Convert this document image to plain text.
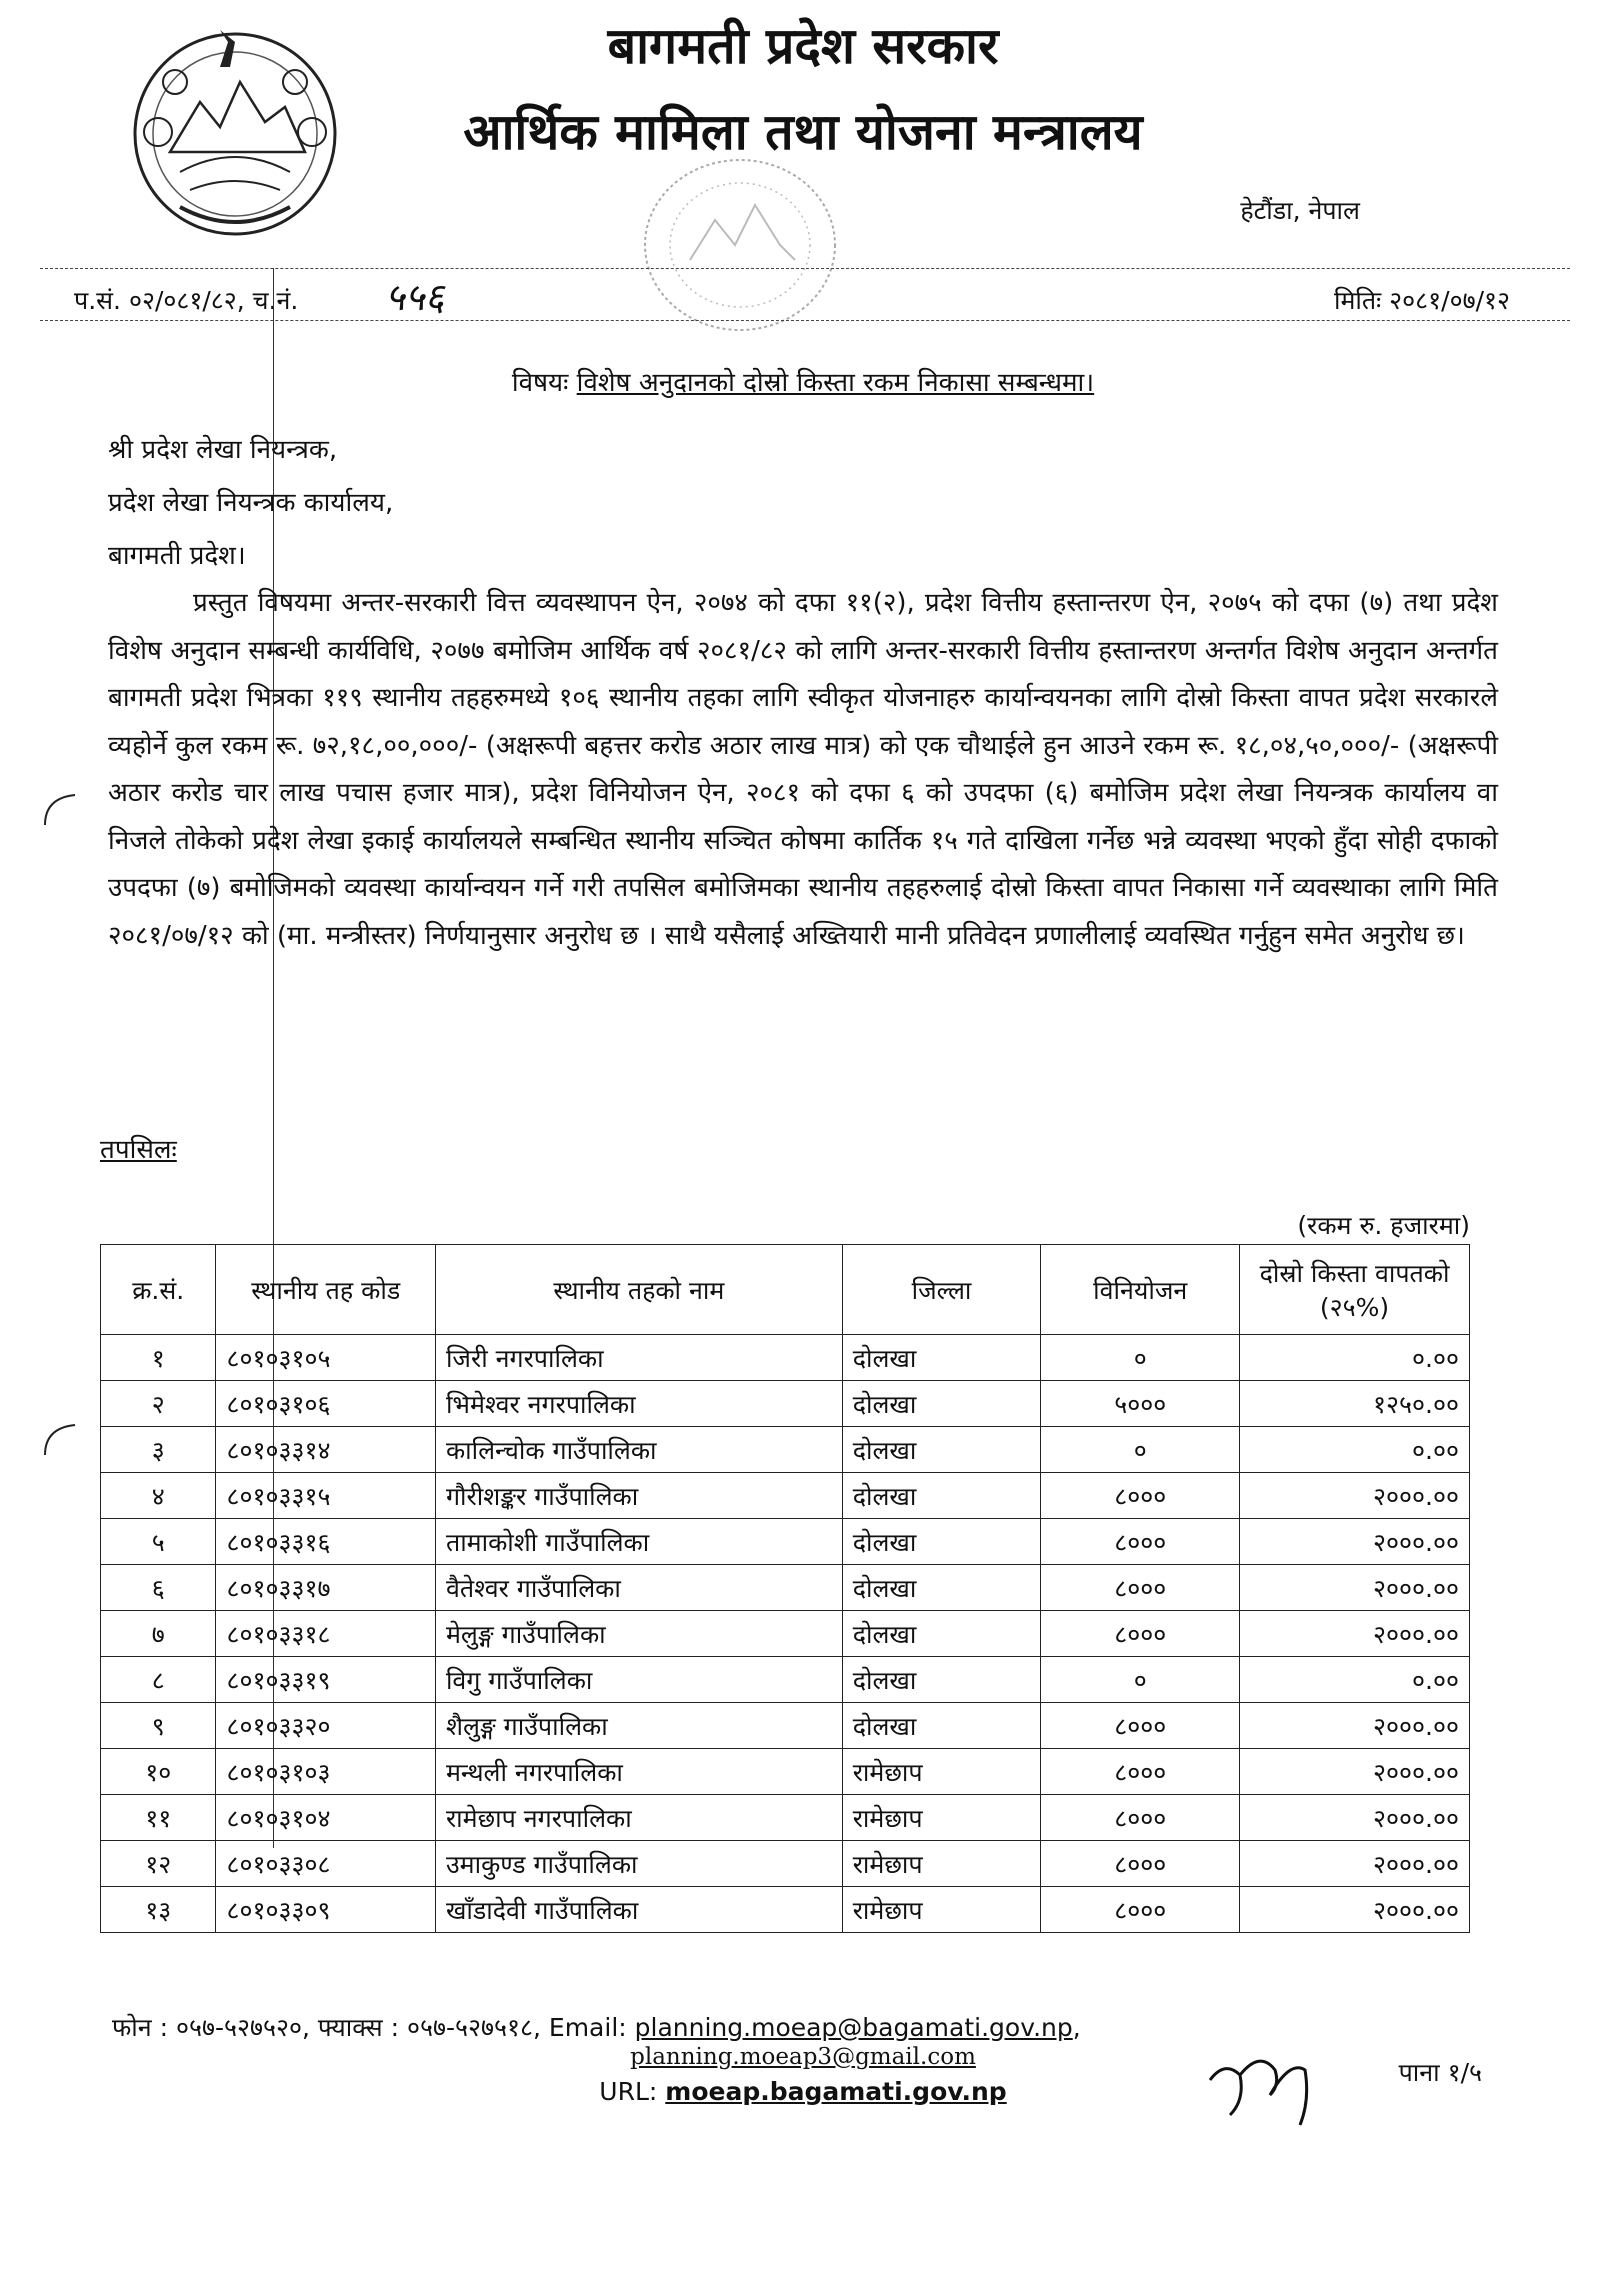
बागमती प्रदेश सरकार
आर्थिक मामिला तथा योजना मन्त्रालय
हेटौंडा, नेपाल
प.सं. ०२/०८१/८२, च.नं. ५५६	मितिः २०८१/०७/१२
विषयः विशेष अनुदानको दोस्रो किस्ता रकम निकासा सम्बन्धमा।
श्री प्रदेश लेखा नियन्त्रक,
प्रदेश लेखा नियन्त्रक कार्यालय,
बागमती प्रदेश।
प्रस्तुत विषयमा अन्तर-सरकारी वित्त व्यवस्थापन ऐन, २०७४ को दफा ११(२), प्रदेश वित्तीय हस्तान्तरण ऐन, २०७५ को दफा (७) तथा प्रदेश विशेष अनुदान सम्बन्धी कार्यविधि, २०७७ बमोजिम आर्थिक वर्ष २०८१/८२ को लागि अन्तर-सरकारी वित्तीय हस्तान्तरण अन्तर्गत विशेष अनुदान अन्तर्गत बागमती प्रदेश भित्रका ११९ स्थानीय तहहरुमध्ये १०६ स्थानीय तहका लागि स्वीकृत योजनाहरु कार्यान्वयनका लागि दोस्रो किस्ता वापत प्रदेश सरकारले व्यहोर्ने कुल रकम रू. ७२,१८,००,०००/- (अक्षरूपी बहत्तर करोड अठार लाख मात्र) को एक चौथाईले हुन आउने रकम रू. १८,०४,५०,०००/- (अक्षरूपी अठार करोड चार लाख पचास हजार मात्र), प्रदेश विनियोजन ऐन, २०८१ को दफा ६ को उपदफा (६) बमोजिम प्रदेश लेखा नियन्त्रक कार्यालय वा निजले तोकेको प्रदेश लेखा इकाई कार्यालयले सम्बन्धित स्थानीय सञ्चित कोषमा कार्तिक १५ गते दाखिला गर्नेछ भन्ने व्यवस्था भएको हुँदा सोही दफाको उपदफा (७) बमोजिमको व्यवस्था कार्यान्वयन गर्ने गरी तपसिल बमोजिमका स्थानीय तहहरुलाई दोस्रो किस्ता वापत निकासा गर्ने व्यवस्थाका लागि मिति २०८१/०७/१२ को (मा. मन्त्रीस्तर) निर्णयानुसार अनुरोध छ । साथै यसैलाई अख्तियारी मानी प्रतिवेदन प्रणालीलाई व्यवस्थित गर्नुहुन समेत अनुरोध छ।
तपसिलः
(रकम रु. हजारमा)
क्र.सं.	स्थानीय तह कोड	स्थानीय तहको नाम	जिल्ला	विनियोजन	दोस्रो किस्ता वापतको (२५%)
१	८०१०३१०५	जिरी नगरपालिका	दोलखा	०	०.००
२	८०१०३१०६	भिमेश्वर नगरपालिका	दोलखा	५०००	१२५०.००
३	८०१०३३१४	कालिन्चोक गाउँपालिका	दोलखा	०	०.००
४	८०१०३३१५	गौरीशङ्कर गाउँपालिका	दोलखा	८०००	२०००.००
५	८०१०३३१६	तामाकोशी गाउँपालिका	दोलखा	८०००	२०००.००
६	८०१०३३१७	वैतेश्वर गाउँपालिका	दोलखा	८०००	२०००.००
७	८०१०३३१८	मेलुङ्ग गाउँपालिका	दोलखा	८०००	२०००.००
८	८०१०३३१९	विगु गाउँपालिका	दोलखा	०	०.००
९	८०१०३३२०	शैलुङ्ग गाउँपालिका	दोलखा	८०००	२०००.००
१०	८०१०३१०३	मन्थली नगरपालिका	रामेछाप	८०००	२०००.००
११	८०१०३१०४	रामेछाप नगरपालिका	रामेछाप	८०००	२०००.००
१२	८०१०३३०८	उमाकुण्ड गाउँपालिका	रामेछाप	८०००	२०००.००
१३	८०१०३३०९	खाँडादेवी गाउँपालिका	रामेछाप	८०००	२०००.००
फोन : ०५७-५२७५२०, फ्याक्स : ०५७-५२७५१८, Email: planning.moeap@bagamati.gov.np,
planning.moeap3@gmail.com
URL: moeap.bagamati.gov.np
पाना १/५
